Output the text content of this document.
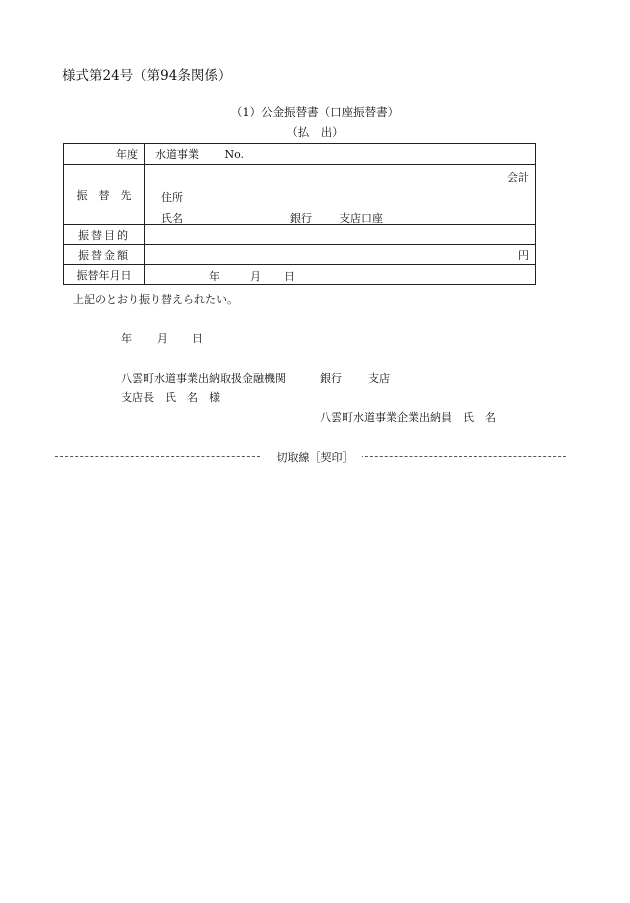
様式第24号（第94条関係）
（1）公金振替書（口座振替書）
（払　出）
年度	水道事業 No.
振　替　先	会計
住所
氏名 銀行 支店口座

振替目的	
振替金額	円
振替年月日	年 月 日
上記のとおり振り替えられたい。
年 月 日
八雲町水道事業出納取扱金融機関	銀行 支店
支店長　氏　名　様
八雲町水道事業企業出納員　氏　名
切取線［契印］
